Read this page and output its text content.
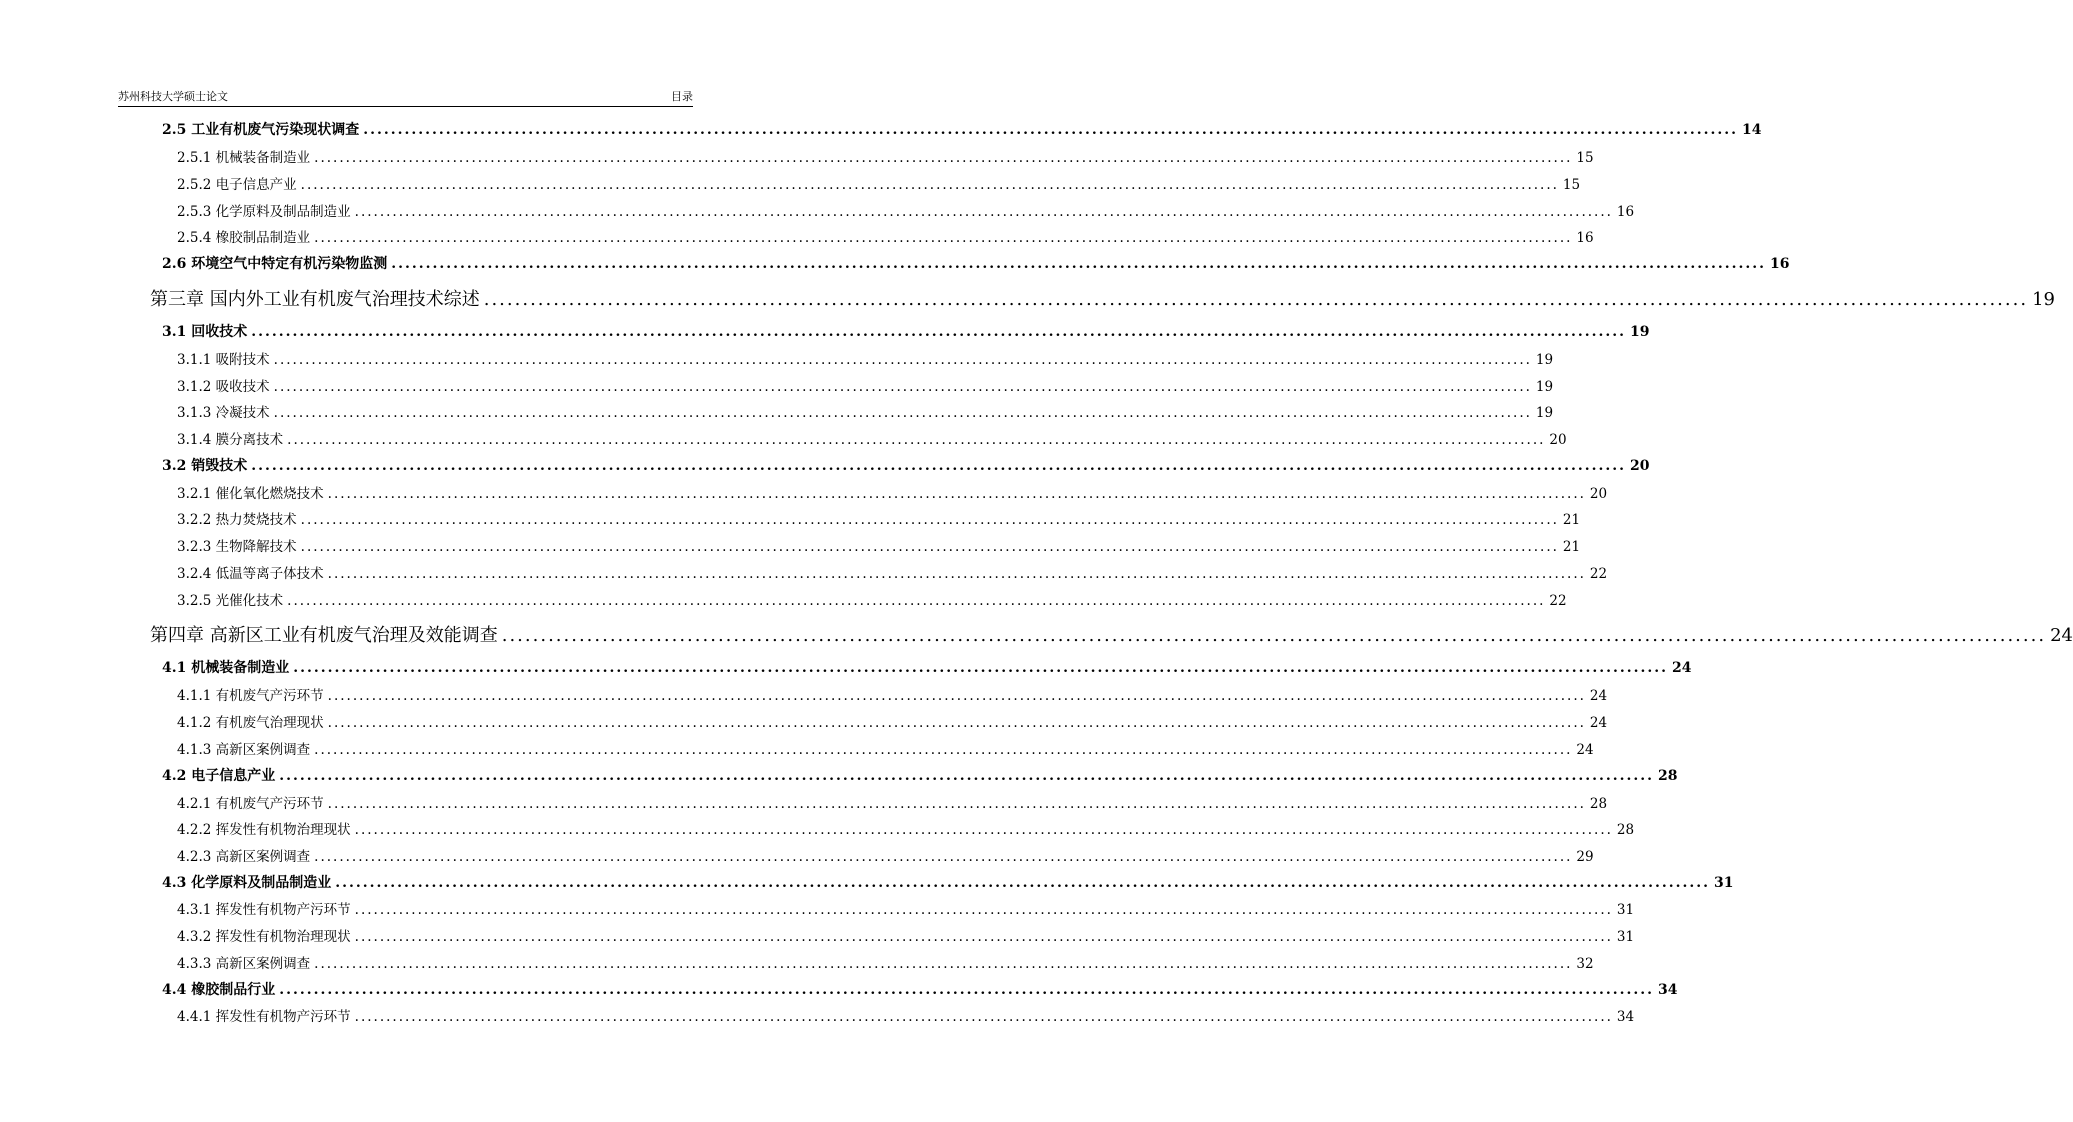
苏州科技大学硕士论文	目录
2.5 工业有机废气污染现状调查 ........................................................................................................................................................................................................ 14
2.5.1 机械装备制造业 ........................................................................................................................................................................................................ 15
2.5.2 电子信息产业 ........................................................................................................................................................................................................ 15
2.5.3 化学原料及制品制造业 ........................................................................................................................................................................................................ 16
2.5.4 橡胶制品制造业 ........................................................................................................................................................................................................ 16
2.6 环境空气中特定有机污染物监测 ........................................................................................................................................................................................................ 16
第三章 国内外工业有机废气治理技术综述 ........................................................................................................................................................................................................ 19
3.1 回收技术 ........................................................................................................................................................................................................ 19
3.1.1 吸附技术 ........................................................................................................................................................................................................ 19
3.1.2 吸收技术 ........................................................................................................................................................................................................ 19
3.1.3 冷凝技术 ........................................................................................................................................................................................................ 19
3.1.4 膜分离技术 ........................................................................................................................................................................................................ 20
3.2 销毁技术 ........................................................................................................................................................................................................ 20
3.2.1 催化氧化燃烧技术 ........................................................................................................................................................................................................ 20
3.2.2 热力焚烧技术 ........................................................................................................................................................................................................ 21
3.2.3 生物降解技术 ........................................................................................................................................................................................................ 21
3.2.4 低温等离子体技术 ........................................................................................................................................................................................................ 22
3.2.5 光催化技术 ........................................................................................................................................................................................................ 22
第四章 高新区工业有机废气治理及效能调查 ........................................................................................................................................................................................................ 24
4.1 机械装备制造业 ........................................................................................................................................................................................................ 24
4.1.1 有机废气产污环节 ........................................................................................................................................................................................................ 24
4.1.2 有机废气治理现状 ........................................................................................................................................................................................................ 24
4.1.3 高新区案例调查 ........................................................................................................................................................................................................ 24
4.2 电子信息产业 ........................................................................................................................................................................................................ 28
4.2.1 有机废气产污环节 ........................................................................................................................................................................................................ 28
4.2.2 挥发性有机物治理现状 ........................................................................................................................................................................................................ 28
4.2.3 高新区案例调查 ........................................................................................................................................................................................................ 29
4.3 化学原料及制品制造业 ........................................................................................................................................................................................................ 31
4.3.1 挥发性有机物产污环节 ........................................................................................................................................................................................................ 31
4.3.2 挥发性有机物治理现状 ........................................................................................................................................................................................................ 31
4.3.3 高新区案例调查 ........................................................................................................................................................................................................ 32
4.4 橡胶制品行业 ........................................................................................................................................................................................................ 34
4.4.1 挥发性有机物产污环节 ........................................................................................................................................................................................................ 34
